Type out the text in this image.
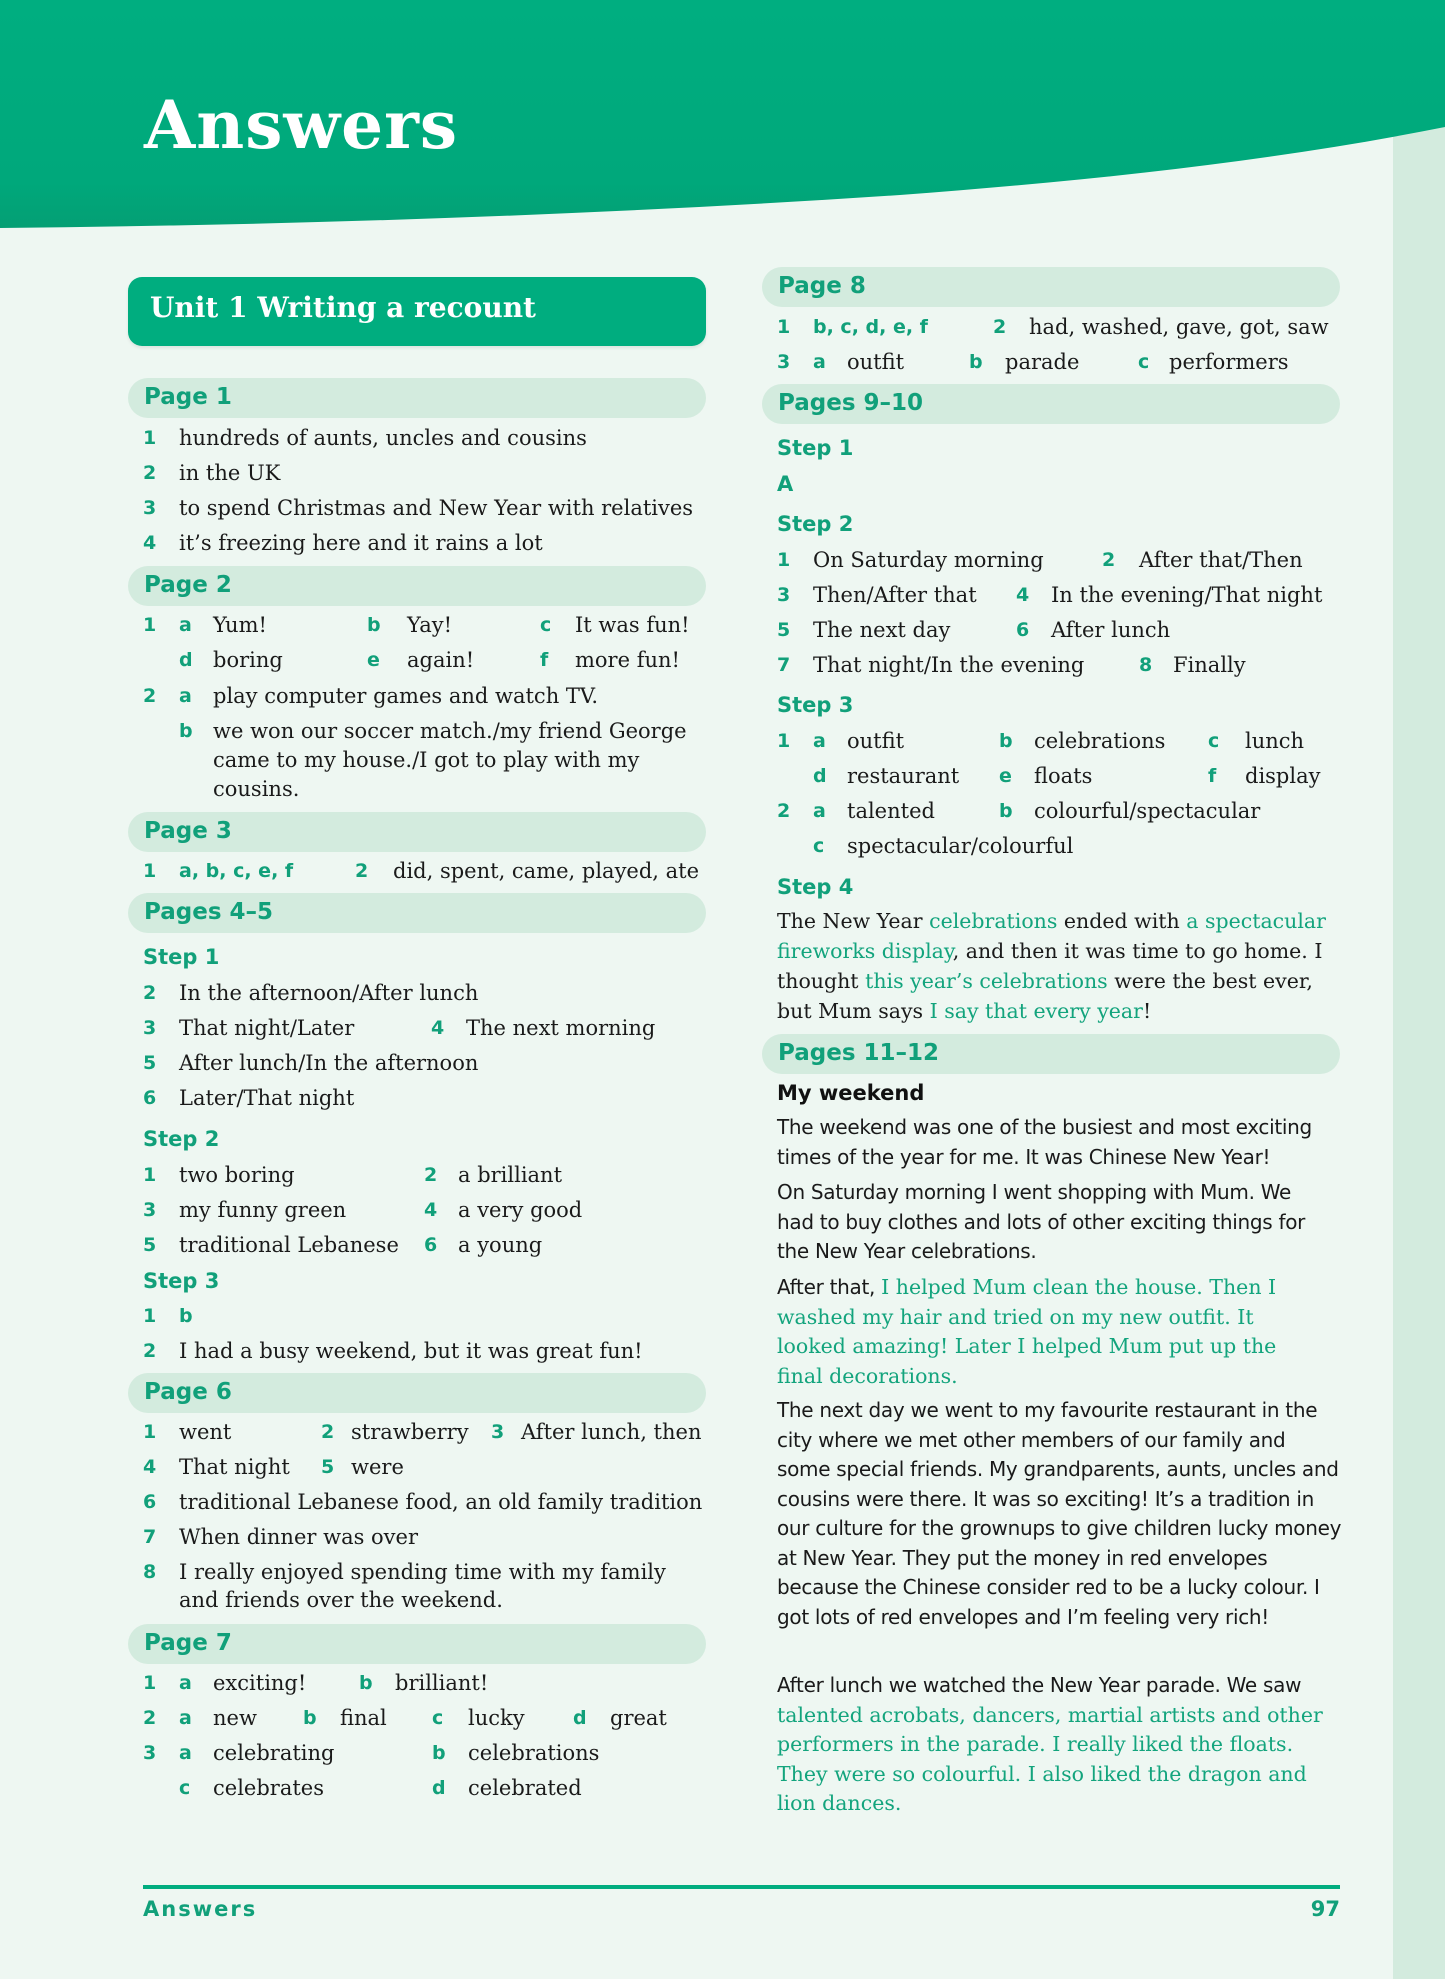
Answers
Unit 1 Writing a recount
Page 1
1 hundreds of aunts, uncles and cousins
2 in the UK
3 to spend Christmas and New Year with relatives
4 it’s freezing here and it rains a lot
Page 2
1 a Yum!	b Yay!	c It was fun!
d boring	e again!	f more fun!
2 a play computer games and watch TV.
b we won our soccer match./my friend George
came to my house./I got to play with my
cousins.
Page 3
1 a, b, c, e, f	2 did, spent, came, played, ate
Pages 4–5
Step 1
2 In the afternoon/After lunch
3 That night/Later	4 The next morning
5 After lunch/In the afternoon
6 Later/That night
Step 2
1 two boring	2 a brilliant
3 my funny green	4 a very good
5 traditional Lebanese 6 a young
Step 3
1 b
2 I had a busy weekend, but it was great fun!
Page 6
1 went	2 strawberry 3 After lunch, then
4 That night 5 were
6 traditional Lebanese food, an old family tradition
7 When dinner was over
8 I really enjoyed spending time with my family
and friends over the weekend.
Page 7
1 a exciting!	b brilliant!
2 a new b final c lucky	d great
3 a celebrating	b celebrations
c celebrates	d celebrated
Page 8
1 b, c, d, e, f	2 had, washed, gave, got, saw
3 a outfit	b parade	c performers
Pages 9–10
Step 1
A
Step 2
1 On Saturday morning	2 After that/Then
3 Then/After that 4 In the evening/That night
5 The next day	6 After lunch
7 That night/In the evening	8 Finally
Step 3
1 a outfit	b celebrations c lunch
d restaurant e floats	f display
2 a talented	b colourful/spectacular
c spectacular/colourful
Step 4
The New Year celebrations ended with a spectacular fireworks display, and then it was time to go home. I thought this year’s celebrations were the best ever, but Mum says I say that every year!
Pages 11–12
My weekend
The weekend was one of the busiest and most exciting times of the year for me. It was Chinese New Year!
On Saturday morning I went shopping with Mum. We had to buy clothes and lots of other exciting things for the New Year celebrations.
After that, I helped Mum clean the house. Then I washed my hair and tried on my new outfit. It looked amazing! Later I helped Mum put up the final decorations.
The next day we went to my favourite restaurant in the city where we met other members of our family and some special friends. My grandparents, aunts, uncles and cousins were there. It was so exciting! It’s a tradition in our culture for the grownups to give children lucky money at New Year. They put the money in red envelopes because the Chinese consider red to be a lucky colour. I got lots of red envelopes and I’m feeling very rich!
After lunch we watched the New Year parade. We saw talented acrobats, dancers, martial artists and other performers in the parade. I really liked the floats. They were so colourful. I also liked the dragon and lion dances.
Answers	97
